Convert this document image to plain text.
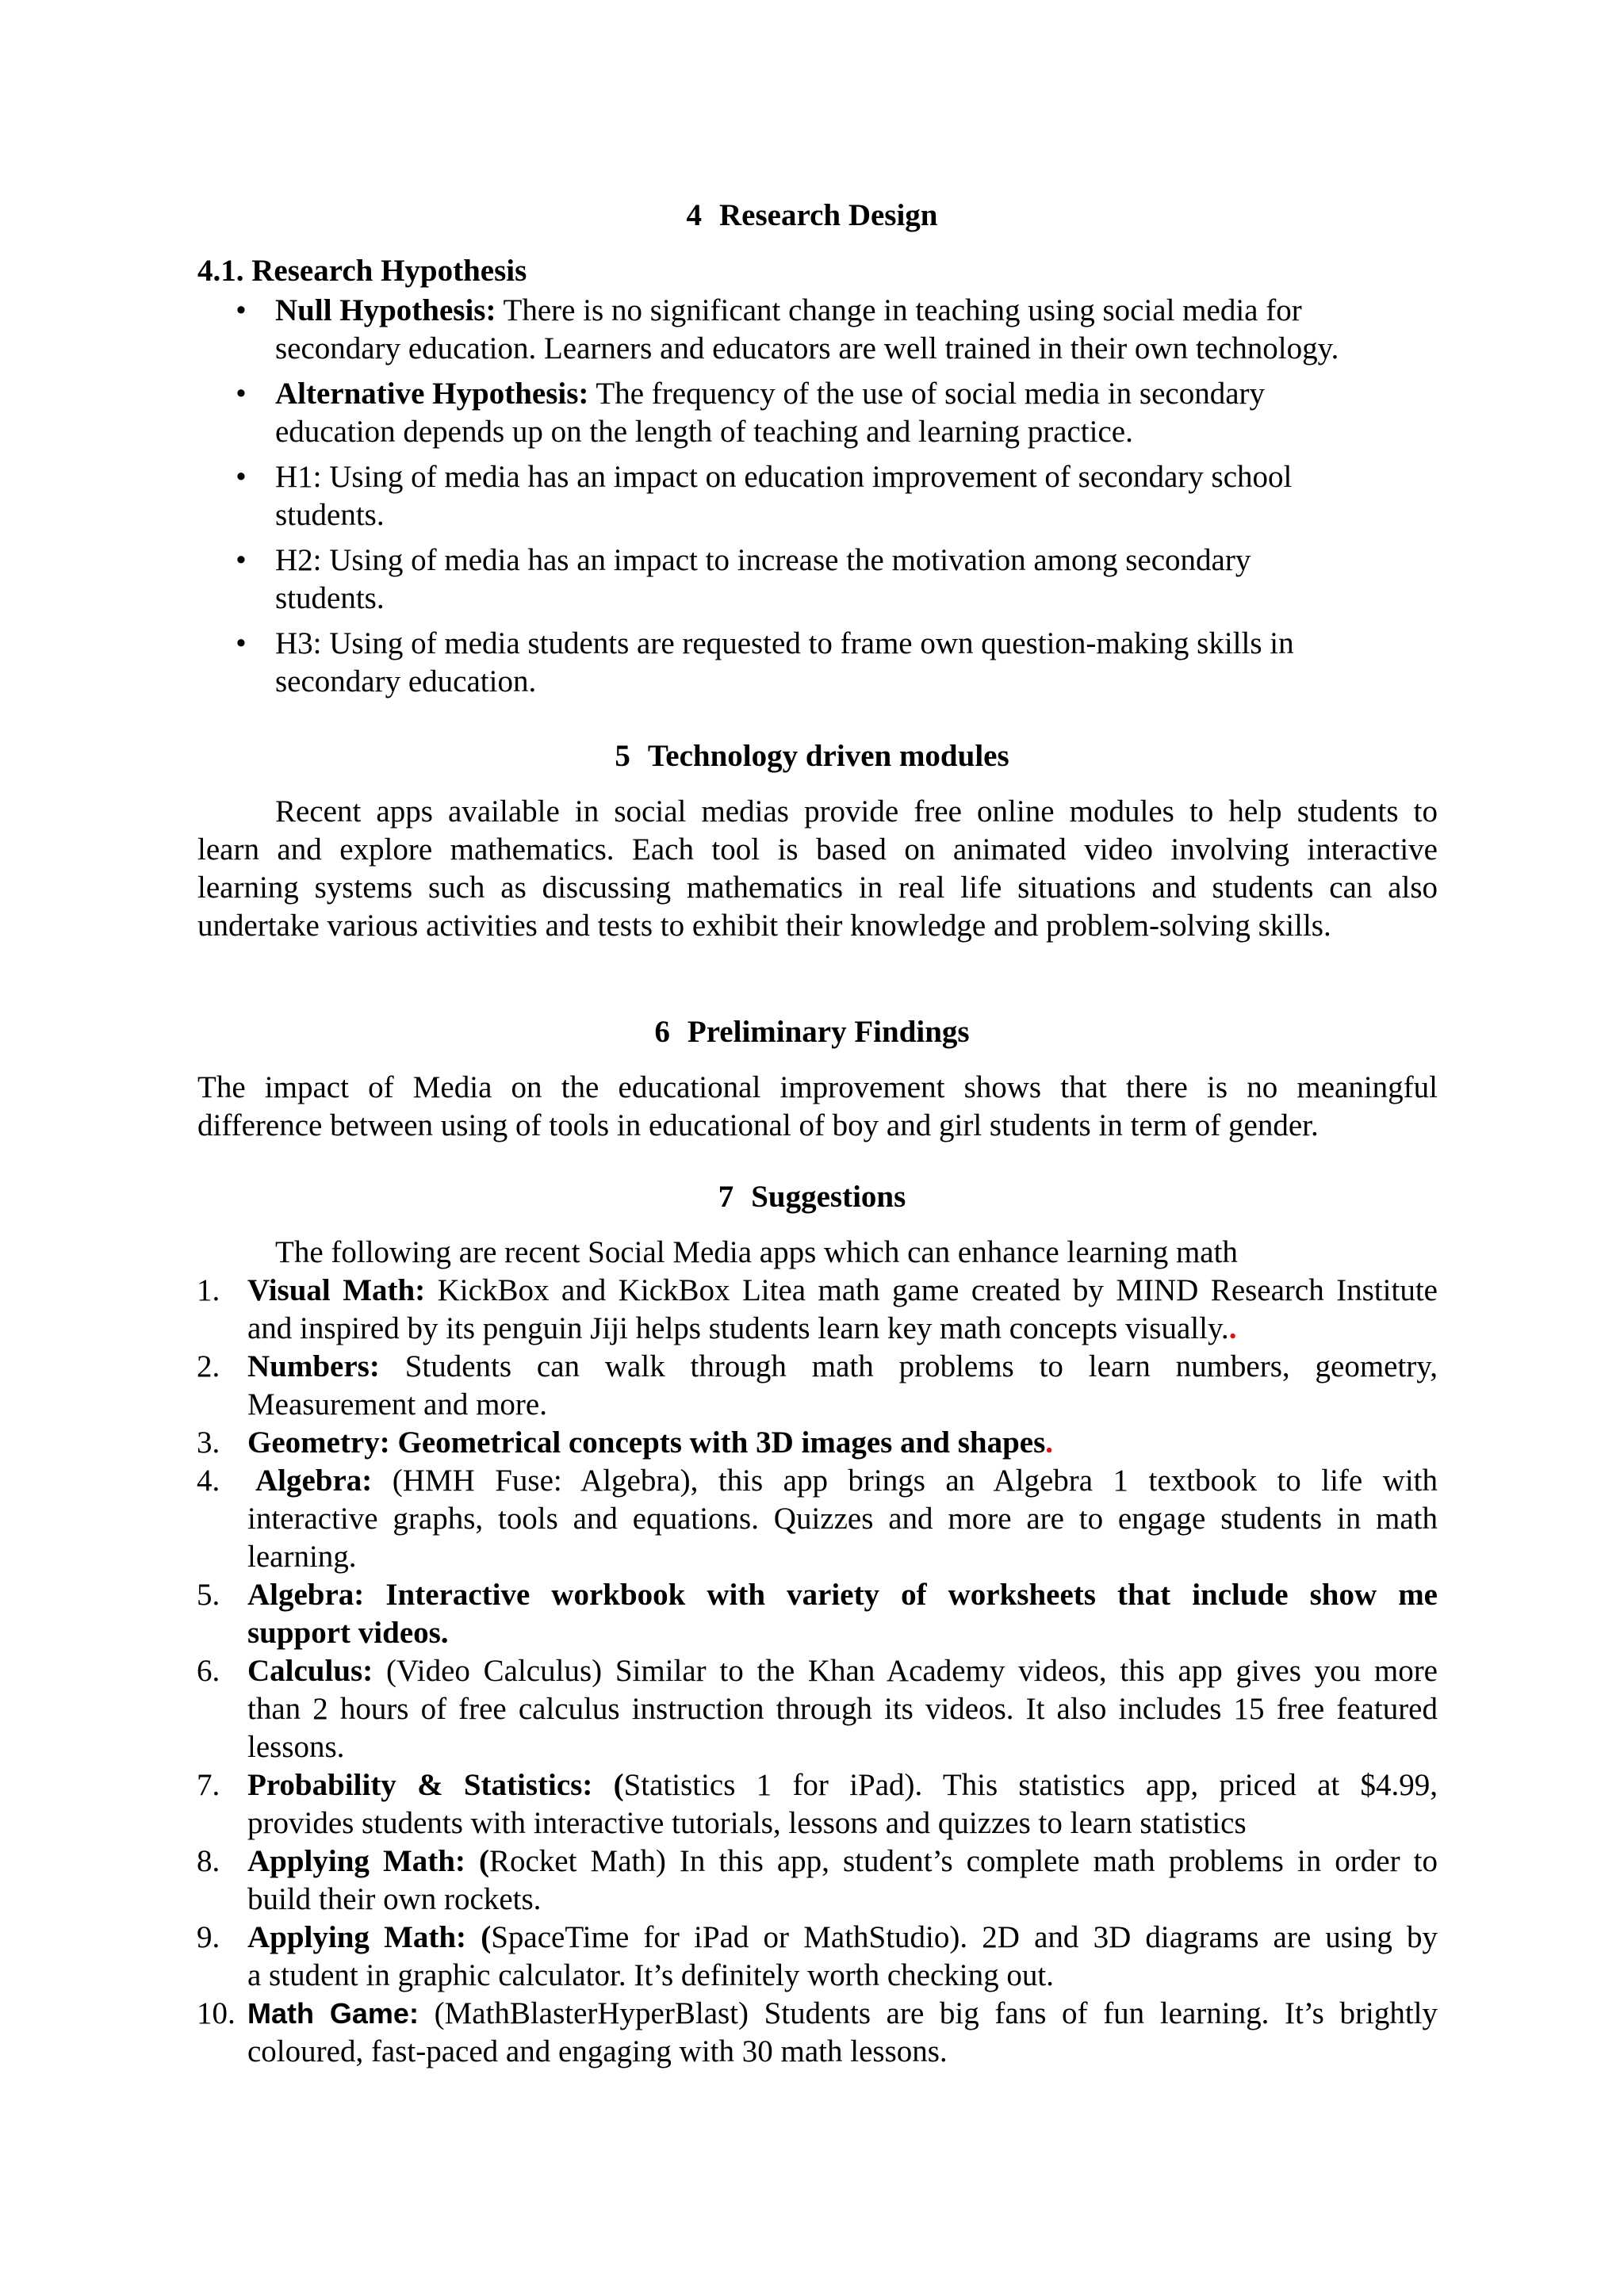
4 Research Design
4.1. Research Hypothesis
• Null Hypothesis: There is no significant change in teaching using social media for
secondary education. Learners and educators are well trained in their own technology.
• Alternative Hypothesis: The frequency of the use of social media in secondary
education depends up on the length of teaching and learning practice.
• H1: Using of media has an impact on education improvement of secondary school
students.
• H2: Using of media has an impact to increase the motivation among secondary
students.
• H3: Using of media students are requested to frame own question-making skills in
secondary education.
5 Technology driven modules
Recent apps available in social medias provide free online modules to help students to
learn and explore mathematics. Each tool is based on animated video involving interactive
learning systems such as discussing mathematics in real life situations and students can also
undertake various activities and tests to exhibit their knowledge and problem-solving skills.
6 Preliminary Findings
The impact of Media on the educational improvement shows that there is no meaningful
difference between using of tools in educational of boy and girl students in term of gender.
7 Suggestions
The following are recent Social Media apps which can enhance learning math
1. Visual Math: KickBox and KickBox Litea math game created by MIND Research Institute
and inspired by its penguin Jiji helps students learn key math concepts visually..
2. Numbers: Students can walk through math problems to learn numbers, geometry,
Measurement and more.
3. Geometry: Geometrical concepts with 3D images and shapes.
4.	Algebra: (HMH Fuse: Algebra), this app brings an Algebra 1 textbook to life with
interactive graphs, tools and equations. Quizzes and more are to engage students in math
learning.
5. Algebra: Interactive workbook with variety of worksheets that include show me
support videos.
6. Calculus: (Video Calculus) Similar to the Khan Academy videos, this app gives you more
than 2 hours of free calculus instruction through its videos. It also includes 15 free featured
lessons.
7. Probability & Statistics: (Statistics 1 for iPad). This statistics app, priced at $4.99,
provides students with interactive tutorials, lessons and quizzes to learn statistics
8. Applying Math: (Rocket Math) In this app, student’s complete math problems in order to
build their own rockets.
9. Applying Math: (SpaceTime for iPad or MathStudio). 2D and 3D diagrams are using by
a student in graphic calculator. It’s definitely worth checking out.
10. Math Game: (MathBlasterHyperBlast) Students are big fans of fun learning. It’s brightly
coloured, fast-paced and engaging with 30 math lessons.
